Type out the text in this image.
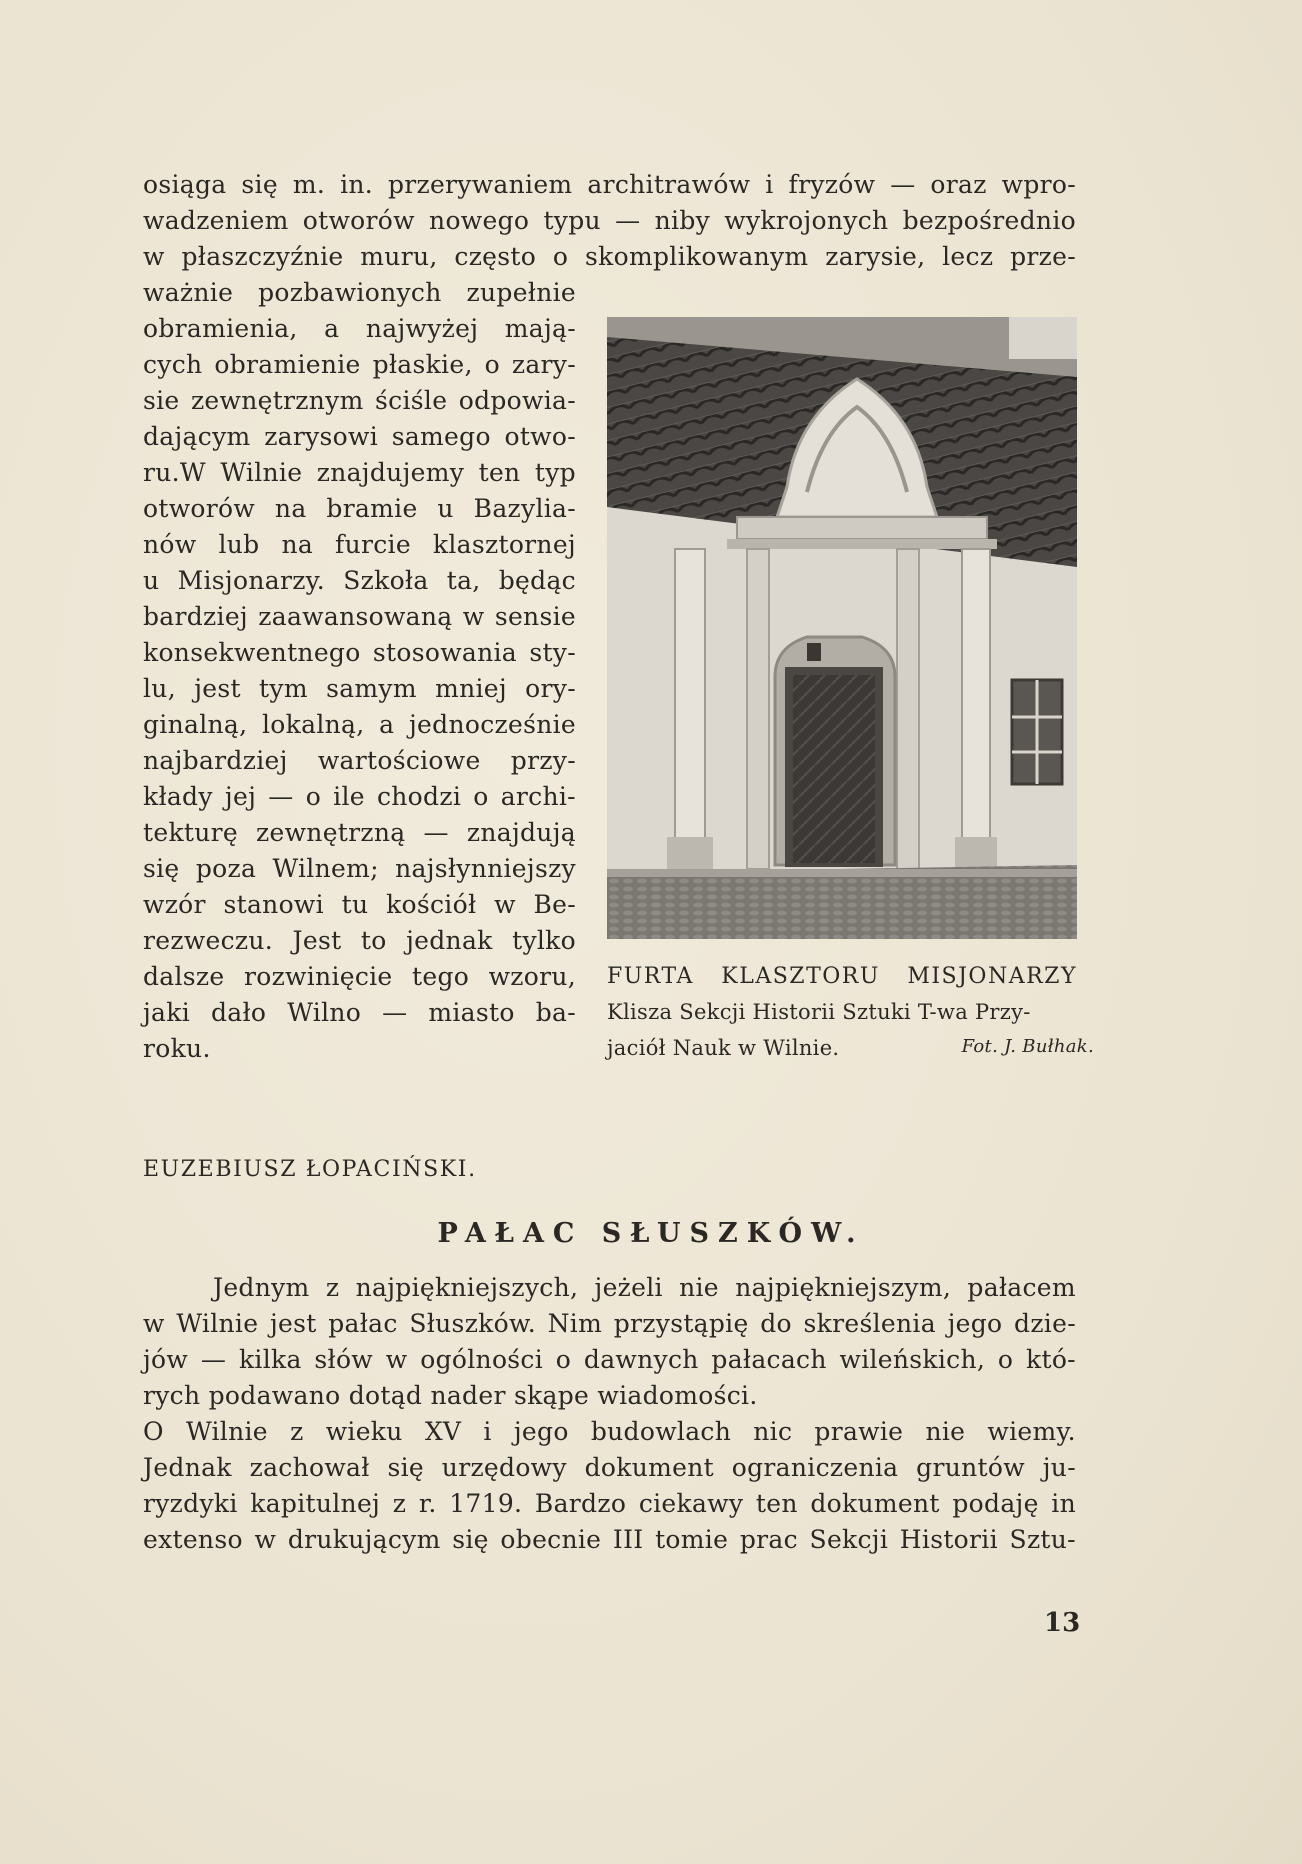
osiąga się m. in. przerywaniem architrawów i fryzów — oraz wpro-
wadzeniem otworów nowego typu — niby wykrojonych bezpośrednio
w płaszczyźnie muru, często o skomplikowanym zarysie, lecz prze-
ważnie pozbawionych zupełnie
obramienia, a najwyżej mają-
cych obramienie płaskie, o zary-
sie zewnętrznym ściśle odpowia-
dającym zarysowi samego otwo-
ru.W Wilnie znajdujemy ten typ
otworów na bramie u Bazylia-
nów lub na furcie klasztornej
u Misjonarzy. Szkoła ta, będąc
bardziej zaawansowaną w sensie
konsekwentnego stosowania sty-
lu, jest tym samym mniej ory-
ginalną, lokalną, a jednocześnie
najbardziej wartościowe przy-
kłady jej — o ile chodzi o archi-
tekturę zewnętrzną — znajdują
się poza Wilnem; najsłynniejszy
wzór stanowi tu kościół w Be-
rezweczu. Jest to jednak tylko
dalsze rozwinięcie tego wzoru,
jaki dało Wilno — miasto ba-
roku.
FURTA KLASZTORU MISJONARZY
Klisza Sekcji Historii Sztuki T-wa Przy-
jaciół Nauk w Wilnie.	Fot. J. Bułhak.
EUZEBIUSZ ŁOPACIŃSKI.
PAŁAC SŁUSZKÓW.
Jednym z najpiękniejszych, jeżeli nie najpiękniejszym, pałacem
w Wilnie jest pałac Słuszków. Nim przystąpię do skreślenia jego dzie-
jów — kilka słów w ogólności o dawnych pałacach wileńskich, o któ-
rych podawano dotąd nader skąpe wiadomości.
O Wilnie z wieku XV i jego budowlach nic prawie nie wiemy.
Jednak zachował się urzędowy dokument ograniczenia gruntów ju-
ryzdyki kapitulnej z r. 1719. Bardzo ciekawy ten dokument podaję in
extenso w drukującym się obecnie III tomie prac Sekcji Historii Sztu-
13
